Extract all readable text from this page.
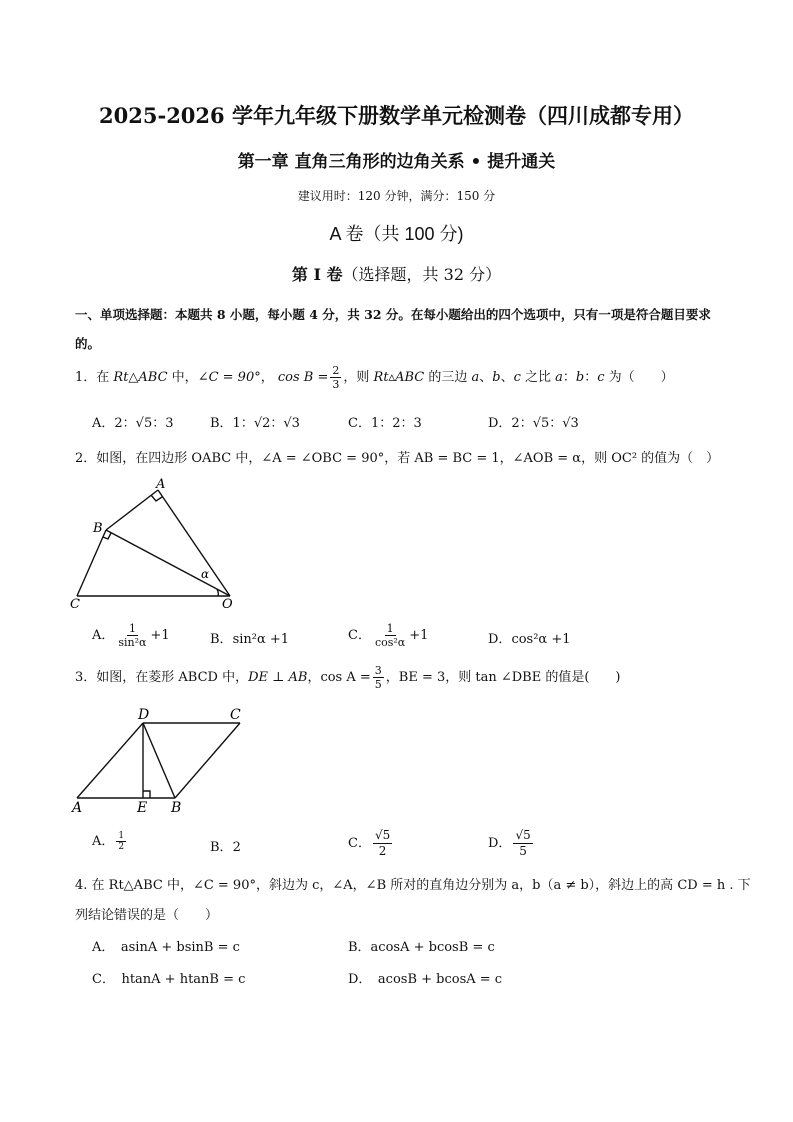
2025-2026 学年九年级下册数学单元检测卷（四川成都专用）
第一章 直角三角形的边角关系 • 提升通关
建议用时：120 分钟，满分：150 分
A 卷（共 100 分)
第 I 卷（选择题，共 32 分）
一、单项选择题：本题共 8 小题，每小题 4 分，共 32 分。在每小题给出的四个选项中，只有一项是符合题目要求的。
1．在 Rt△ABC 中，∠C = 90°， $\cos B = \frac{2}{3}$ ，则 Rt▵ABC 的三边 a、b、c 之比 a：b：c 为（　　）
A．2：√5：3	B．1：√2：√3	C．1：2：3	D．2：√5：√3
2．如图，在四边形 OABC 中，∠A = ∠OBC = 90°，若 AB = BC = 1，∠AOB = α，则 OC² 的值为（　）
A
B
C	O
α
A． $\frac{1}{\text{sin²α}} +1$	B．sin²α +1	C． $\frac{1}{\text{cos²α}} +1$	D．cos²α +1
3．如图，在菱形 ABCD 中，DE ⊥ AB，$\cos A = \frac{3}{5}$ ，BE = 3，则 tan ∠DBE 的值是(　　)
D	C
A	E B
A． $\frac{1}{2}$	B．2	C． $\frac{√5}{2}$	D． $\frac{√5}{5}$
4. 在 Rt△ABC 中，∠C = 90°，斜边为 c，∠A，∠B 所对的直角边分别为 a，b（a ≠ b），斜边上的高 CD = h . 下
列结论错误的是（　　）
A．　asinA + bsinB = c	B．acosA + bcosB = c
C．　htanA + htanB = c	D．　acosB + bcosA = c
